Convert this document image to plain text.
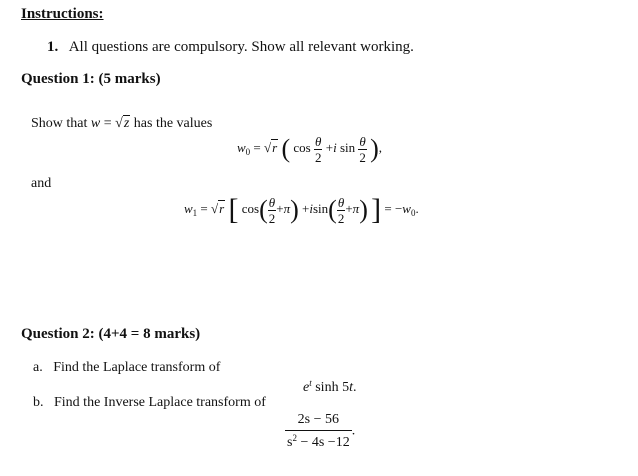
Instructions:
1. All questions are compulsory. Show all relevant working.
Question 1: (5 marks)
Show that w = √z has the values
$w_0 = √r$ ( $\cos \frac{\theta}{2} +i$ $\sin \frac{\theta}{2}$ ),
and
$w_1 = √r$ [ $\cos( \frac{\theta}{2} +\pi) +isin( \frac{\theta}{2} +\pi)$ ] = $-w_0$.
Question 2: (4+4 = 8 marks)
a. Find the Laplace transform of
$e^t$ sinh 5t.
b. Find the Inverse Laplace transform of
$\frac{2s - 56}{s^2 - 4s -12}$ .
